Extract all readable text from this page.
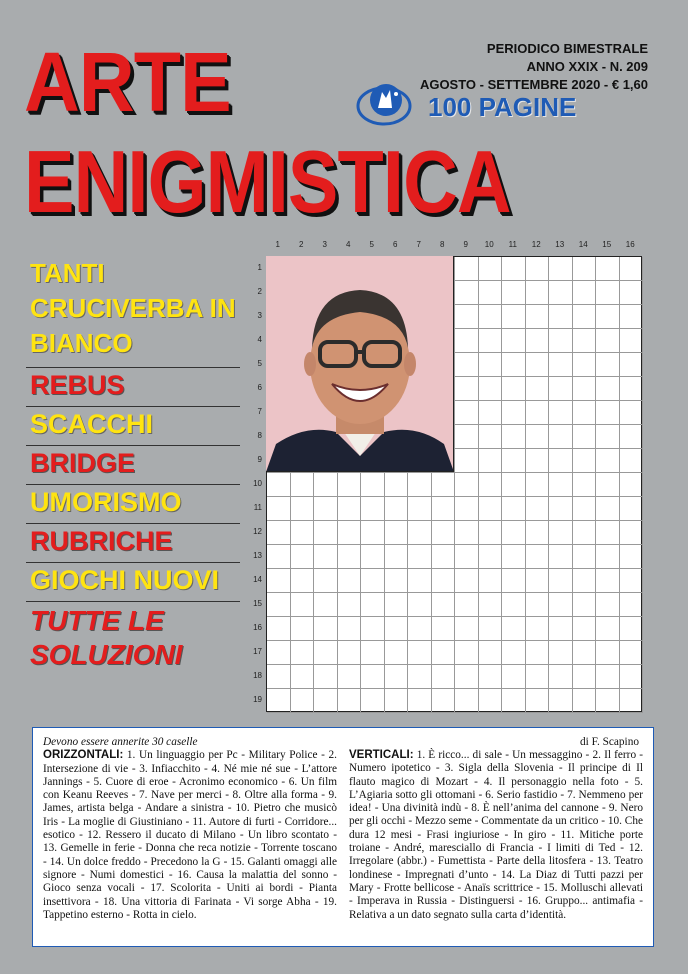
ARTE
ENIGMISTICA
PERIODICO BIMESTRALE
ANNO XXIX - N. 209
AGOSTO - SETTEMBRE 2020 - € 1,60
100 PAGINE
TANTI CRUCIVERBA IN BIANCO
REBUS
SCACCHI
BRIDGE
UMORISMO
RUBRICHE
GIOCHI NUOVI
TUTTE LE SOLUZIONI
1	2	3	4	5	6	7	8	9	10	11	12	13	14	15	16
1
2
3
4
5
6
7
8
9
10
11
12
13
14
15
16
17
18
19
Devono essere annerite 30 caselle
ORIZZONTALI: 1. Un linguaggio per Pc - Military Police - 2. Intersezione di vie - 3. Infiacchito - 4. Né mie né sue - L’attore Jannings - 5. Cuore di eroe - Acronimo economico - 6. Un film con Keanu Reeves - 7. Nave per merci - 8. Oltre alla forma - 9. James, artista belga - Andare a sinistra - 10. Pietro che musicò Iris - La moglie di Giustiniano - 11. Autore di furti - Corridore... esotico - 12. Ressero il ducato di Milano - Un libro scontato - 13. Gemelle in ferie - Donna che reca notizie - Torrente toscano - 14. Un dolce freddo - Precedono la G - 15. Galanti omaggi alle signore - Numi domestici - 16. Causa la malattia del sonno - Gioco senza vocali - 17. Scolorita - Uniti ai bordi - Pianta insettivora - 18. Una vittoria di Farinata - Vi sorge Abha - 19. Tappetino esterno - Rotta in cielo.
VERTICALI: 1. È ricco... di sale - Un messaggino - 2. Il ferro - Numero ipotetico - 3. Sigla della Slovenia - Il principe di Il flauto magico di Mozart - 4. Il personaggio nella foto - 5. L’Agiaria sotto gli ottomani - 6. Serio fastidio - 7. Nemmeno per idea! - Una divinità indù - 8. È nell’anima del cannone - 9. Nero per gli occhi - Mezzo seme - Commentate da un critico - 10. Che dura 12 mesi - Frasi ingiuriose - In giro - 11. Mitiche porte troiane - André, maresciallo di Francia - I limiti di Ted - 12. Irregolare (abbr.) - Fumettista - Parte della litosfera - 13. Teatro londinese - Impregnati d’unto - 14. La Diaz di Tutti pazzi per Mary - Frotte bellicose - Anaïs scrittrice - 15. Molluschi allevati - Imperava in Russia - Distinguersi - 16. Gruppo... antimafia - Relativa a un dato segnato sulla carta d’identità.
di F. Scapino
